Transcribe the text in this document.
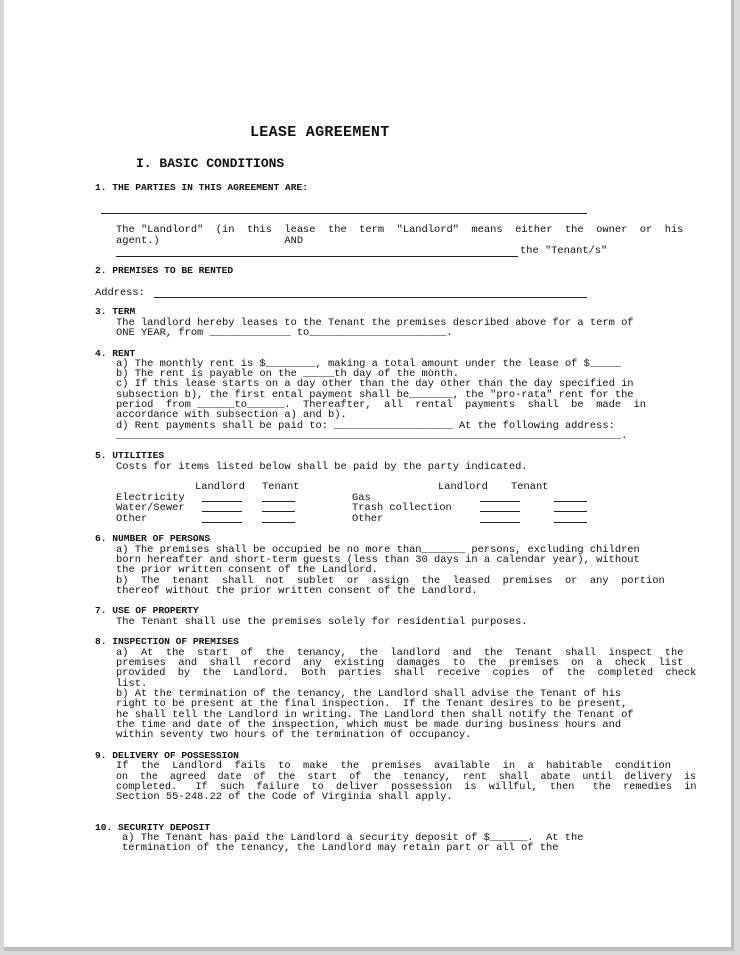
LEASE AGREEMENT
I. BASIC CONDITIONS
1. THE PARTIES IN THIS AGREEMENT ARE:
The "Landlord"  (in  this  lease  the  term  "Landlord"  means  either  the  owner  or  his
agent.)                    AND
the "Tenant/s"
2. PREMISES TO BE RENTED
Address:
3. TERM
The landlord hereby leases to the Tenant the premises described above for a term of
ONE YEAR, from _____________ to______________________.
4. RENT
a) The monthly rent is $________, making a total amount under the lease of $_____
b) The rent is payable on the _____th day of the month.
c) If this lease starts on a day other than the day other than the day specified in
subsection b), the first ental payment shall be_______, the "pro-rata" rent for the
period  from ______to______.  Thereafter,  all  rental  payments  shall  be  made  in
accordance with subsection a) and b).
d) Rent payments shall be paid to: ___________________ At the following address:
_________________________________________________________________________________.
5. UTILITIES
Costs for items listed below shall be paid by the party indicated.
Landlord Tenant	Landlord Tenant
Electricity
Water/Sewer
Other
Gas
Trash collection
Other
6. NUMBER OF PERSONS
a) The premises shall be occupied be no more than_______ persons, excluding children
born hereafter and short-term guests (less than 30 days in a calendar year), without
the prior written consent of the Landlord.
b)  The  tenant  shall  not  sublet  or  assign  the  leased  premises  or  any  portion
thereof without the prior written consent of the Landlord.
7. USE OF PROPERTY
The Tenant shall use the premises solely for residential purposes.
8. INSPECTION OF PREMISES
a)  At  the  start  of  the  tenancy,  the  landlord  and  the  Tenant  shall  inspect  the
premises  and  shall  record  any  existing  damages  to  the  premises  on  a  check  list
provided  by  the  Landlord.  Both  parties  shall  receive  copies  of  the  completed  check
list.
b) At the termination of the tenancy, the Landlord shall advise the Tenant of his
right to be present at the final inspection.  If the Tenant desires to be present,
he shall tell the Landlord in writing. The Landlord then shall notify the Tenant of
the time and date of the inspection, which must be made during business hours and
within seventy two hours of the termination of occupancy.
9. DELIVERY OF POSSESSION
If  the  Landlord  fails  to  make  the  premises  available  in  a  habitable  condition
on  the  agreed  date  of  the  start  of  the  tenancy,  rent  shall  abate  until  delivery  is
completed.   If  such  failure  to  deliver  possession  is  willful,  then   the  remedies  in
Section 55-248.22 of the Code of Virginia shall apply.
10. SECURITY DEPOSIT
a) The Tenant has paid the Landlord a security deposit of $______.  At the
termination of the tenancy, the Landlord may retain part or all of the
